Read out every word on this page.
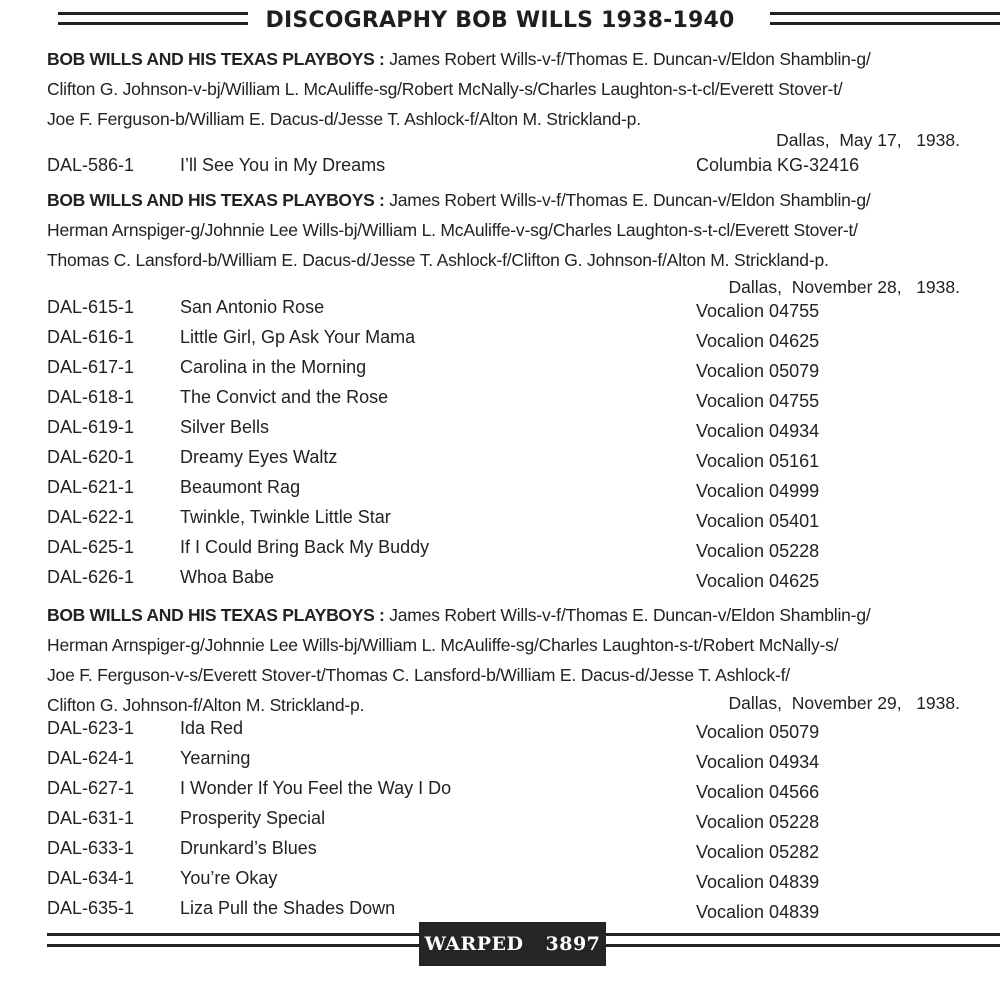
DISCOGRAPHY BOB WILLS 1938-1940
BOB WILLS AND HIS TEXAS PLAYBOYS : James Robert Wills-v-f/Thomas E. Duncan-v/Eldon Shamblin-g/
Clifton G. Johnson-v-bj/William L. McAuliffe-sg/Robert McNally-s/Charles Laughton-s-t-cl/Everett Stover-t/
Joe F. Ferguson-b/William E. Dacus-d/Jesse T. Ashlock-f/Alton M. Strickland-p.
Dallas,  May 17,   1938.
DAL-586-1	I’ll See You in My Dreams	Columbia KG-32416
BOB WILLS AND HIS TEXAS PLAYBOYS : James Robert Wills-v-f/Thomas E. Duncan-v/Eldon Shamblin-g/
Herman Arnspiger-g/Johnnie Lee Wills-bj/William L. McAuliffe-v-sg/Charles Laughton-s-t-cl/Everett Stover-t/
Thomas C. Lansford-b/William E. Dacus-d/Jesse T. Ashlock-f/Clifton G. Johnson-f/Alton M. Strickland-p.
Dallas,  November 28,   1938.
DAL-615-1	San Antonio Rose	Vocalion 04755
DAL-616-1	Little Girl, Gp Ask Your Mama	Vocalion 04625
DAL-617-1	Carolina in the Morning	Vocalion 05079
DAL-618-1	The Convict and the Rose	Vocalion 04755
DAL-619-1	Silver Bells	Vocalion 04934
DAL-620-1	Dreamy Eyes Waltz	Vocalion 05161
DAL-621-1	Beaumont Rag	Vocalion 04999
DAL-622-1	Twinkle, Twinkle Little Star	Vocalion 05401
DAL-625-1	If I Could Bring Back My Buddy	Vocalion 05228
DAL-626-1	Whoa Babe	Vocalion 04625
BOB WILLS AND HIS TEXAS PLAYBOYS : James Robert Wills-v-f/Thomas E. Duncan-v/Eldon Shamblin-g/
Herman Arnspiger-g/Johnnie Lee Wills-bj/William L. McAuliffe-sg/Charles Laughton-s-t/Robert McNally-s/
Joe F. Ferguson-v-s/Everett Stover-t/Thomas C. Lansford-b/William E. Dacus-d/Jesse T. Ashlock-f/
Clifton G. Johnson-f/Alton M. Strickland-p.	Dallas,  November 29,   1938.
DAL-623-1	Ida Red	Vocalion 05079
DAL-624-1	Yearning	Vocalion 04934
DAL-627-1	I Wonder If You Feel the Way I Do	Vocalion 04566
DAL-631-1	Prosperity Special	Vocalion 05228
DAL-633-1	Drunkard’s Blues	Vocalion 05282
DAL-634-1	You’re Okay	Vocalion 04839
DAL-635-1	Liza Pull the Shades Down	Vocalion 04839
WARPED 3897
